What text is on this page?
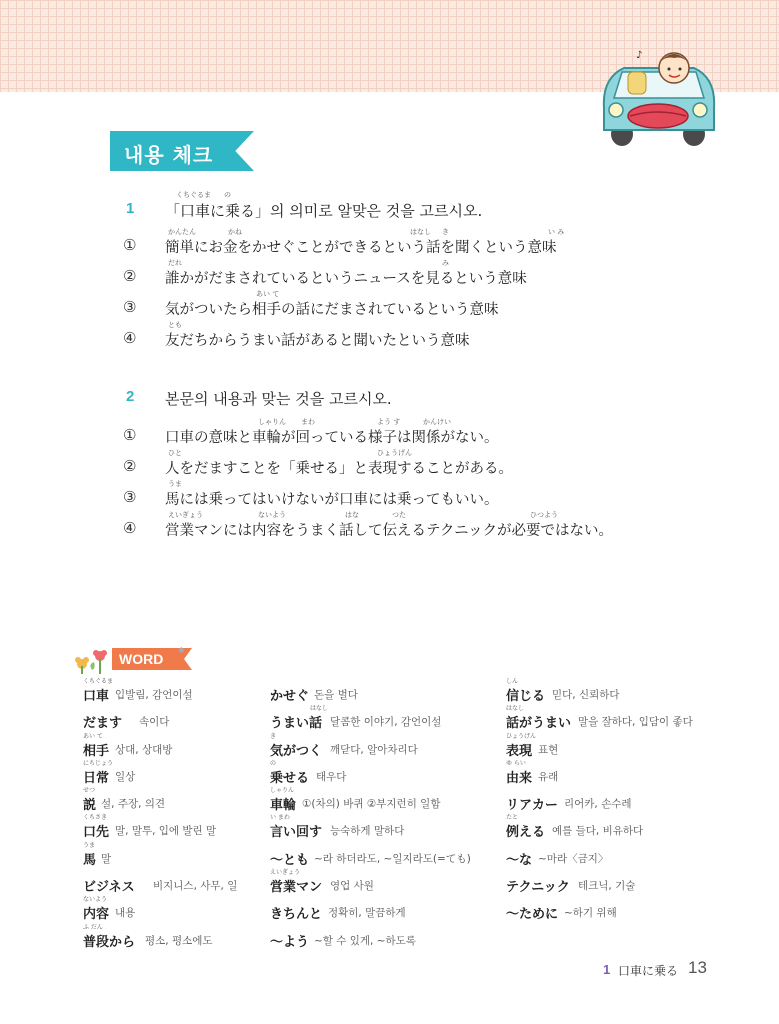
♪
내용 체크
1
くちぐるま の
「口車に乗る」의 의미로 알맞은 것을 고르시오.
①
かんたん	かね	はなし き	い み
簡単にお金をかせぐことができるという話を聞くという意味
②
だれ	み
誰かがだまされているというニュースを見るという意味
③
あい て
気がついたら相手の話にだまされているという意味
④
とも
友だちからうまい話があると聞いたという意味
2	본문의 내용과 맞는 것을 고르시오.
①
しゃりん まわ	よう す	かんけい
口車の意味と車輪が回っている様子は関係がない。
②
ひと	ひょうげん
人をだますことを「乗せる」と表現することがある。
③
うま
馬には乗ってはいけないが口車には乗ってもいい。
④
えいぎょう	ないよう	はな	つた	ひつよう
営業マンには内容をうまく話して伝えるテクニックが必要ではない。
✱
WORD
くちぐるま
口車 입발림, 감언이설
だます 속이다
あい て
相手 상대, 상대방
にちじょう
日常 일상
せつ
説 설, 주장, 의견
くちさき
口先 말, 말투, 입에 발린 말
うま
馬 말
ビジネス 비지니스, 사무, 일
ないよう
内容 내용
ふ だん
普段から 평소, 평소에도
かせぐ 돈을 벌다
はなし
うまい話 달콤한 이야기, 감언이설
き
気がつく 깨닫다, 알아차리다
の
乗せる 태우다
しゃりん
車輪 ①(차의) 바퀴 ②부지런히 일함
い まわ
言い回す 능숙하게 말하다
〜とも ~라 하더라도, ~일지라도(=ても)
えいぎょう
営業マン 영업 사원
きちんと 정확히, 말끔하게
〜よう ~할 수 있게, ~하도록
しん
信じる 믿다, 신뢰하다
はなし
話がうまい 말을 잘하다, 입담이 좋다
ひょうげん
表現 표현
ゆ らい
由来 유래
リアカー 리어카, 손수레
たと
例える 예를 들다, 비유하다
〜な ~마라〈금지〉
テクニック 테크닉, 기술
〜ために ~하기 위해
1 口車に乗る 13
